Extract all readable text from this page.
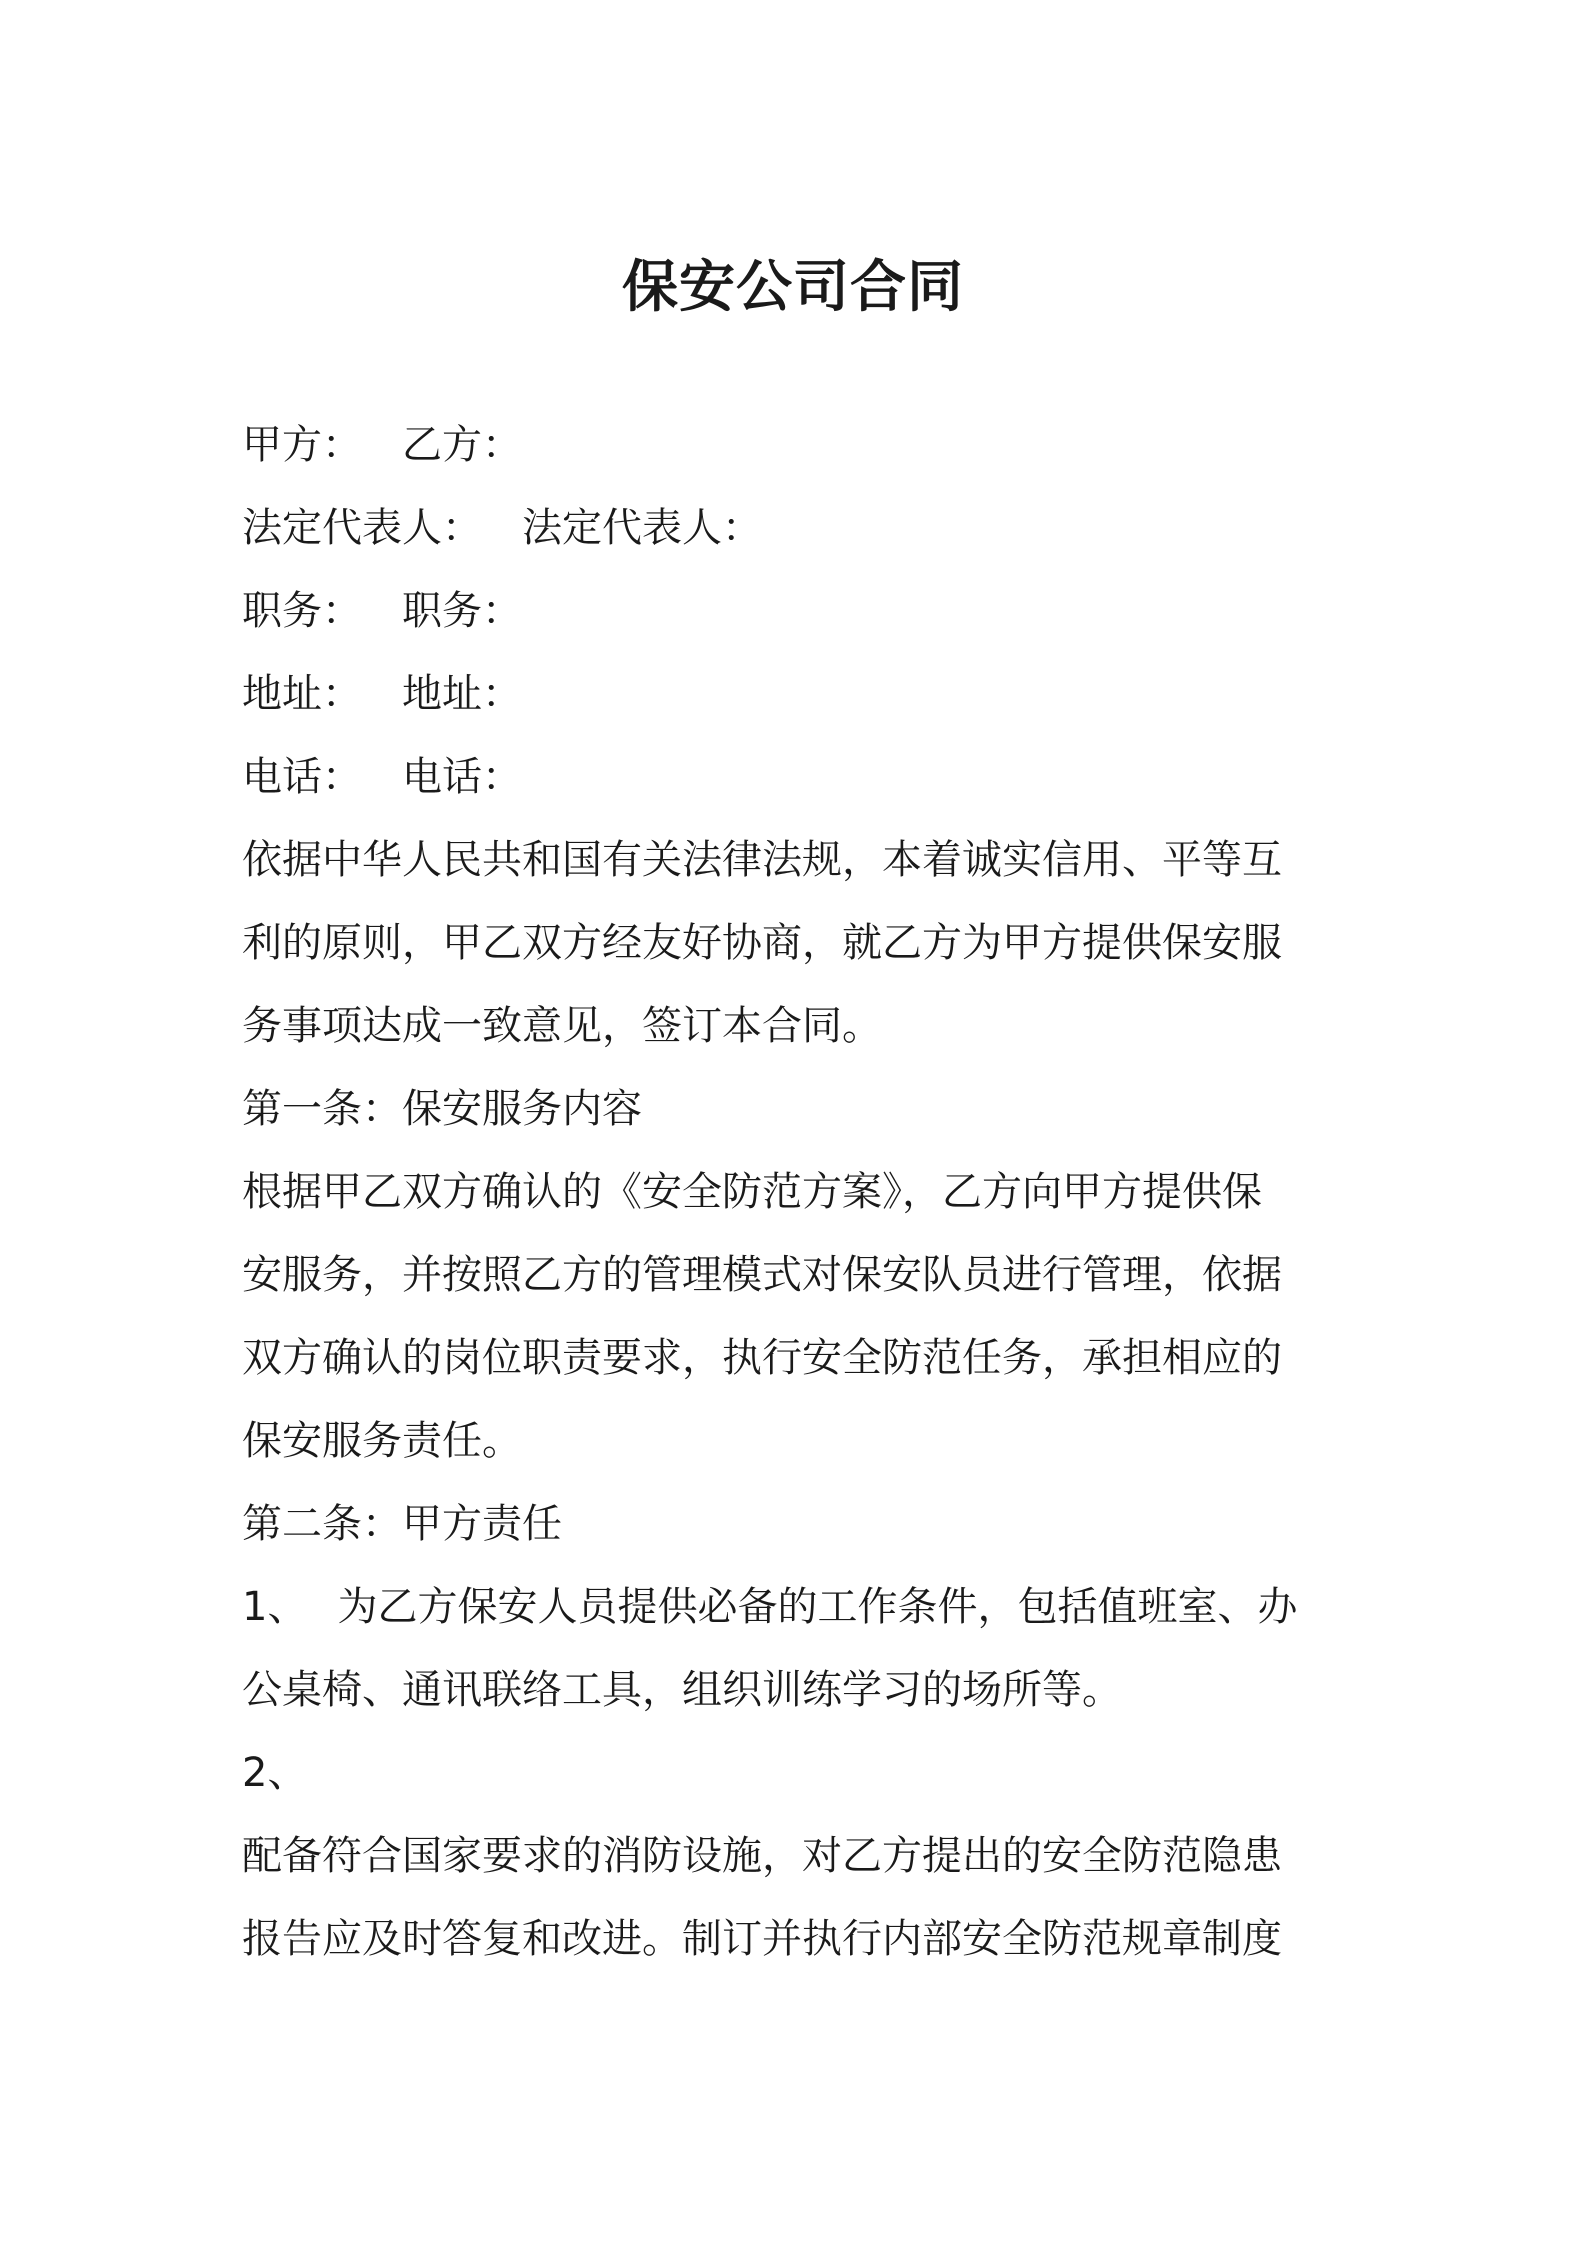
保安公司合同
甲方： 乙方：
法定代表人： 法定代表人：
职务： 职务：
地址： 地址：
电话： 电话：
依据中华人民共和国有关法律法规，本着诚实信用、平等互
利的原则，甲乙双方经友好协商，就乙方为甲方提供保安服
务事项达成一致意见，签订本合同。
第一条：保安服务内容
根据甲乙双方确认的《安全防范方案》，乙方向甲方提供保
安服务，并按照乙方的管理模式对保安队员进行管理，依据
双方确认的岗位职责要求，执行安全防范任务，承担相应的
保安服务责任。
第二条：甲方责任
1、 为乙方保安人员提供必备的工作条件，包括值班室、办
公桌椅、通讯联络工具，组织训练学习的场所等。
2、
配备符合国家要求的消防设施，对乙方提出的安全防范隐患
报告应及时答复和改进。制订并执行内部安全防范规章制度
